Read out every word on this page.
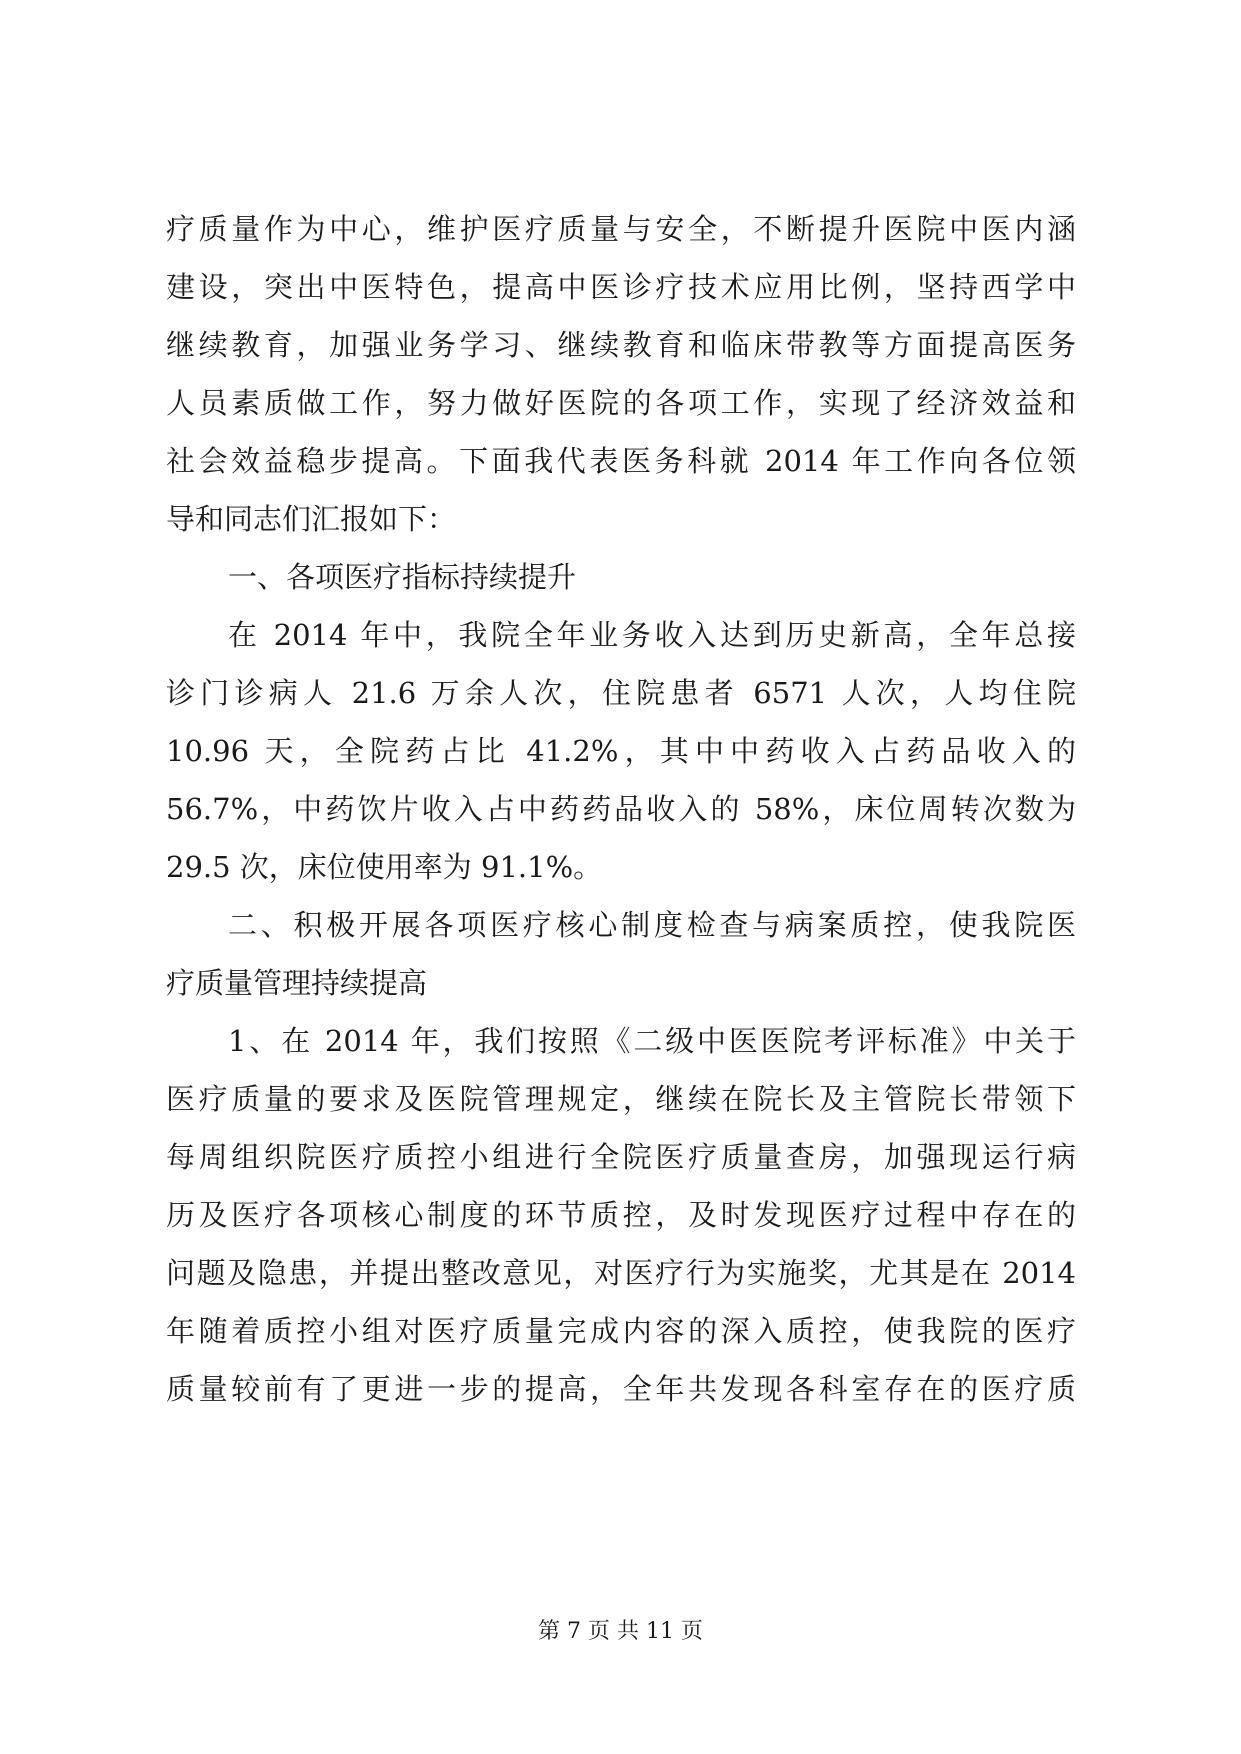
疗质量作为中心，维护医疗质量与安全，不断提升医院中医内涵
建设，突出中医特色，提高中医诊疗技术应用比例，坚持西学中
继续教育，加强业务学习、继续教育和临床带教等方面提高医务
人员素质做工作，努力做好医院的各项工作，实现了经济效益和
社会效益稳步提高。下面我代表医务科就 2014 年工作向各位领
导和同志们汇报如下：
一、各项医疗指标持续提升
在 2014 年中，我院全年业务收入达到历史新高，全年总接
诊门诊病人 21.6 万余人次，住院患者 6571 人次，人均住院
10.96 天，全院药占比 41.2%，其中中药收入占药品收入的
56.7%，中药饮片收入占中药药品收入的 58%，床位周转次数为
29.5 次，床位使用率为 91.1%。
二、积极开展各项医疗核心制度检查与病案质控，使我院医
疗质量管理持续提高
1、在 2014 年，我们按照《二级中医医院考评标准》中关于
医疗质量的要求及医院管理规定，继续在院长及主管院长带领下
每周组织院医疗质控小组进行全院医疗质量查房，加强现运行病
历及医疗各项核心制度的环节质控，及时发现医疗过程中存在的
问题及隐患，并提出整改意见，对医疗行为实施奖，尤其是在 2014
年随着质控小组对医疗质量完成内容的深入质控，使我院的医疗
质量较前有了更进一步的提高，全年共发现各科室存在的医疗质
第 7 页 共 11 页
